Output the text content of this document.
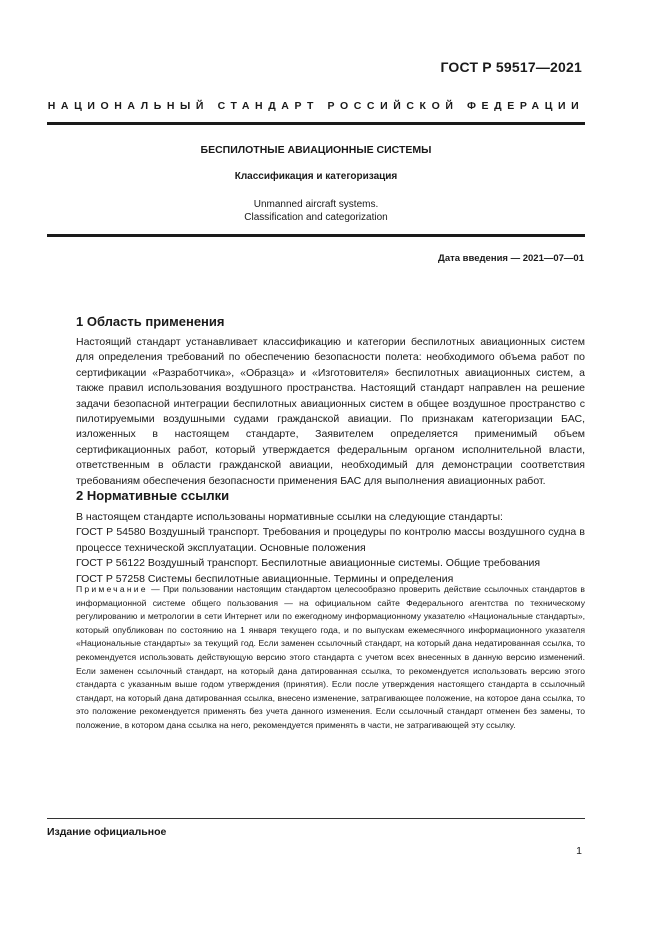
ГОСТ Р 59517—2021
НАЦИОНАЛЬНЫЙ СТАНДАРТ РОССИЙСКОЙ ФЕДЕРАЦИИ
БЕСПИЛОТНЫЕ АВИАЦИОННЫЕ СИСТЕМЫ
Классификация и категоризация
Unmanned aircraft systems.
Classification and categorization
Дата введения — 2021—07—01
1 Область применения

Настоящий стандарт устанавливает классификацию и категории беспилотных авиационных систем для определения требований по обеспечению безопасности полета: необходимого объема работ по сертификации «Разработчика», «Образца» и «Изготовителя» беспилотных авиационных систем, а также правил использования воздушного пространства. Настоящий стандарт направлен на решение задачи безопасной интеграции беспилотных авиационных систем в общее воздушное пространство с пилотируемыми воздушными судами гражданской авиации. По признакам категоризации БАС, изложенных в настоящем стандарте, Заявителем определяется применимый объем сертификационных работ, который утверждается федеральным органом исполнительной власти, ответственным в области гражданской авиации, необходимый для демонстрации соответствия требованиям обеспечения безопасности применения БАС для выполнения авиационных работ.

2 Нормативные ссылки

В настоящем стандарте использованы нормативные ссылки на следующие стандарты:

ГОСТ Р 54580 Воздушный транспорт. Требования и процедуры по контролю массы воздушного судна в процессе технической эксплуатации. Основные положения

ГОСТ Р 56122 Воздушный транспорт. Беспилотные авиационные системы. Общие требования

ГОСТ Р 57258 Системы беспилотные авиационные. Термины и определения

Примечание — При пользовании настоящим стандартом целесообразно проверить действие ссылочных стандартов в информационной системе общего пользования — на официальном сайте Федерального агентства по техническому регулированию и метрологии в сети Интернет или по ежегодному информационному указателю «Национальные стандарты», который опубликован по состоянию на 1 января текущего года, и по выпускам ежемесячного информационного указателя «Национальные стандарты» за текущий год. Если заменен ссылочный стандарт, на который дана недатированная ссылка, то рекомендуется использовать действующую версию этого стандарта с учетом всех внесенных в данную версию изменений. Если заменен ссылочный стандарт, на который дана датированная ссылка, то рекомендуется использовать версию этого стандарта с указанным выше годом утверждения (принятия). Если после утверждения настоящего стандарта в ссылочный стандарт, на который дана датированная ссылка, внесено изменение, затрагивающее положение, на которое дана ссылка, то это положение рекомендуется применять без учета данного изменения. Если ссылочный стандарт отменен без замены, то положение, в котором дана ссылка на него, рекомендуется применять в части, не затрагивающей эту ссылку.
Издание официальное
1
